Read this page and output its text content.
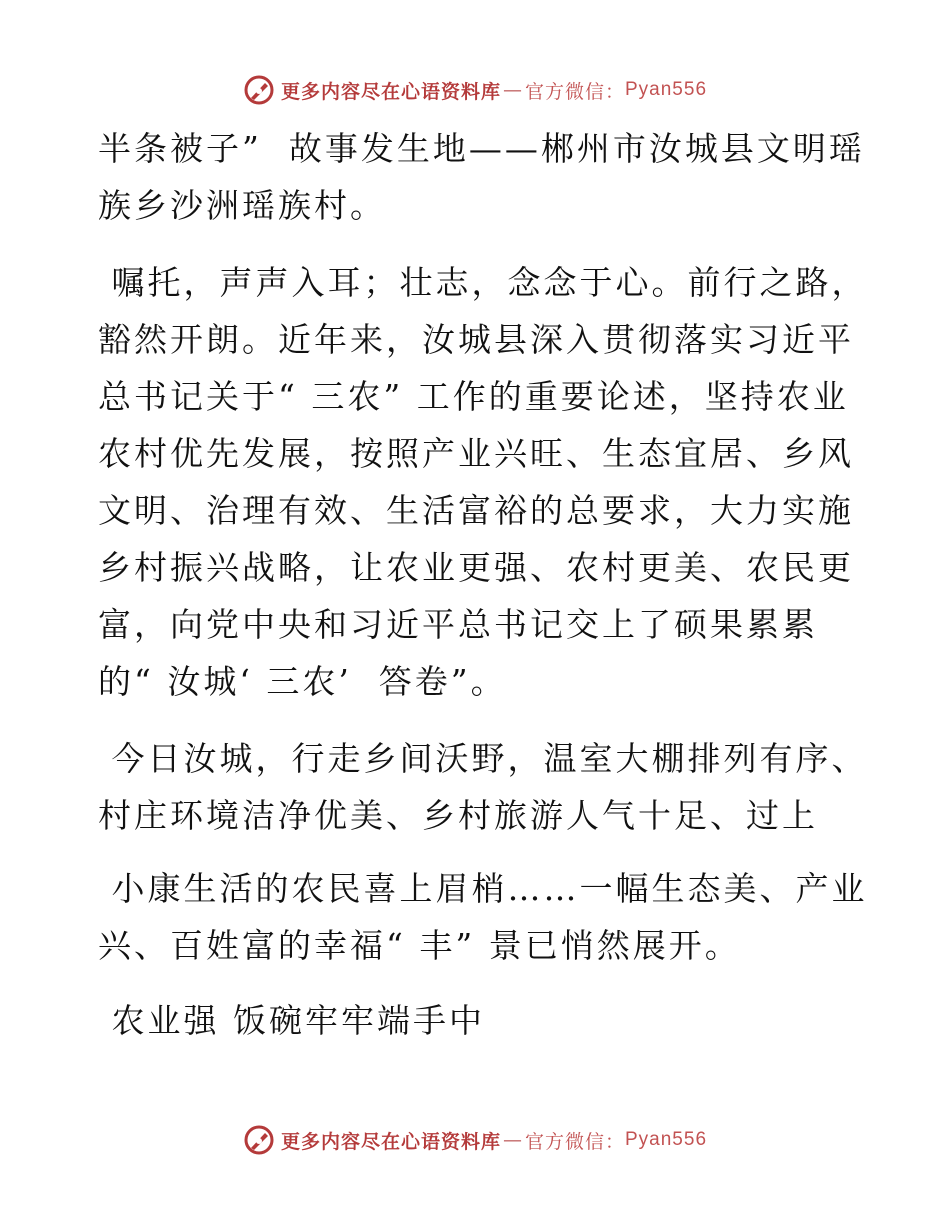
更多内容尽在心语资料库 — 官方微信： Pyan556

半条被子”  故事发生地——郴州市汝城县文明瑶族乡沙洲瑶族村。

嘱托，声声入耳；壮志，念念于心。前行之路，豁然开朗。近年来，汝城县深入贯彻落实习近平总书记关于“ 三农” 工作的重要论述，坚持农业农村优先发展，按照产业兴旺、生态宜居、乡风文明、治理有效、生活富裕的总要求，大力实施乡村振兴战略，让农业更强、农村更美、农民更富，向党中央和习近平总书记交上了硕果累累的“ 汝城‘ 三农’  答卷”。

今日汝城，行走乡间沃野，温室大棚排列有序、村庄环境洁净优美、乡村旅游人气十足、过上

小康生活的农民喜上眉梢……一幅生态美、产业兴、百姓富的幸福“ 丰” 景已悄然展开。

农业强 饭碗牢牢端手中

更多内容尽在心语资料库 — 官方微信： Pyan556
